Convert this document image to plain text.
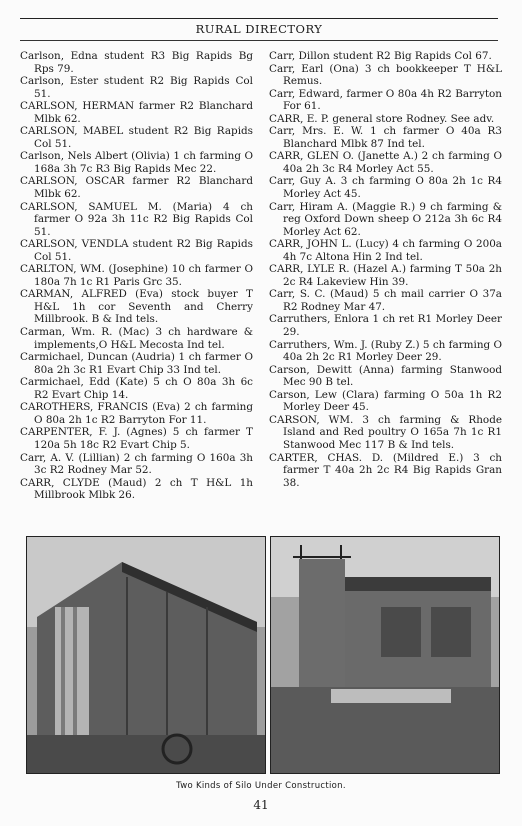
RURAL DIRECTORY
Carlson, Edna student R3 Big Rapids Bg Rps 79.
Carlson, Ester student R2 Big Rapids Col 51.
CARLSON, HERMAN farmer R2 Blanchard Mlbk 62.
CARLSON, MABEL student R2 Big Rapids Col 51.
Carlson, Nels Albert (Olivia) 1 ch farming O 168a 3h 7c R3 Big Rapids Mec 22.
CARLSON, OSCAR farmer R2 Blanchard Mlbk 62.
CARLSON, SAMUEL M. (Maria) 4 ch farmer O 92a 3h 11c R2 Big Rapids Col 51.
CARLSON, VENDLA student R2 Big Rapids Col 51.
CARLTON, WM. (Josephine) 10 ch farmer O 180a 7h 1c R1 Paris Grc 35.
CARMAN, ALFRED (Eva) stock buyer T H&L 1h cor Seventh and Cherry Millbrook. B & Ind tels.
Carman, Wm. R. (Mac) 3 ch hardware & implements,O H&L Mecosta Ind tel.
Carmichael, Duncan (Audria) 1 ch farmer O 80a 2h 3c R1 Evart Chip 33 Ind tel.
Carmichael, Edd (Kate) 5 ch O 80a 3h 6c R2 Evart Chip 14.
CAROTHERS, FRANCIS (Eva) 2 ch farming O 80a 2h 1c R2 Barryton For 11.
CARPENTER, F. J. (Agnes) 5 ch farmer T 120a 5h 18c R2 Evart Chip 5.
Carr, A. V. (Lillian) 2 ch farming O 160a 3h 3c R2 Rodney Mar 52.
CARR, CLYDE (Maud) 2 ch T H&L 1h Millbrook Mlbk 26.
Carr, Dillon student R2 Big Rapids Col 67.
Carr, Earl (Ona) 3 ch bookkeeper T H&L Remus.
Carr, Edward, farmer O 80a 4h R2 Barryton For 61.
CARR, E. P. general store Rodney. See adv.
Carr, Mrs. E. W. 1 ch farmer O 40a R3 Blanchard Mlbk 87 Ind tel.
CARR, GLEN O. (Janette A.) 2 ch farming O 40a 2h 3c R4 Morley Act 55.
Carr, Guy A. 3 ch farming O 80a 2h 1c R4 Morley Act 45.
Carr, Hiram A. (Maggie R.) 9 ch farming & reg Oxford Down sheep O 212a 3h 6c R4 Morley Act 62.
CARR, JOHN L. (Lucy) 4 ch farming O 200a 4h 7c Altona Hin 2 Ind tel.
CARR, LYLE R. (Hazel A.) farming T 50a 2h 2c R4 Lakeview Hin 39.
Carr, S. C. (Maud) 5 ch mail carrier O 37a R2 Rodney Mar 47.
Carruthers, Enlora 1 ch ret R1 Morley Deer 29.
Carruthers, Wm. J. (Ruby Z.) 5 ch farming O 40a 2h 2c R1 Morley Deer 29.
Carson, Dewitt (Anna) farming Stanwood Mec 90 B tel.
Carson, Lew (Clara) farming O 50a 1h R2 Morley Deer 45.
CARSON, WM. 3 ch farming & Rhode Island and Red poultry O 165a 7h 1c R1 Stanwood Mec 117 B & Ind tels.
CARTER, CHAS. D. (Mildred E.) 3 ch farmer T 40a 2h 2c R4 Big Rapids Gran 38.
Two Kinds of Silo Under Construction.
41
